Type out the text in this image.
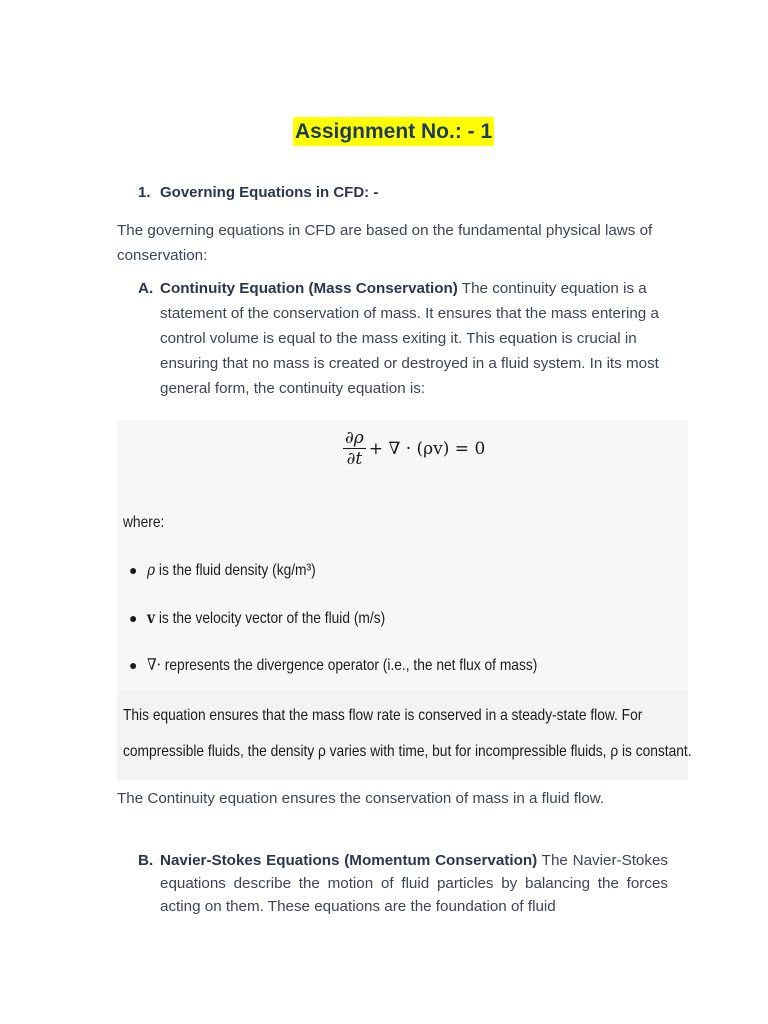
Assignment No.: - 1
1. Governing Equations in CFD: -
The governing equations in CFD are based on the fundamental physical laws of conservation:
A. Continuity Equation (Mass Conservation) The continuity equation is a statement of the conservation of mass. It ensures that the mass entering a control volume is equal to the mass exiting it. This equation is crucial in ensuring that no mass is created or destroyed in a fluid system. In its most general form, the continuity equation is:
$\frac{\partial\rho}{\partial t}$ + ∇ · (ρv) = 0
where:
● ρ is the fluid density (kg/m³)
● v is the velocity vector of the fluid (m/s)
● ∇· represents the divergence operator (i.e., the net flux of mass)
This equation ensures that the mass flow rate is conserved in a steady-state flow. For
compressible fluids, the density ρ varies with time, but for incompressible fluids, ρ is constant.
The Continuity equation ensures the conservation of mass in a fluid flow.
B. Navier-Stokes Equations (Momentum Conservation) The Navier-Stokes equations describe the motion of fluid particles by balancing the forces acting on them. These equations are the foundation of fluid
